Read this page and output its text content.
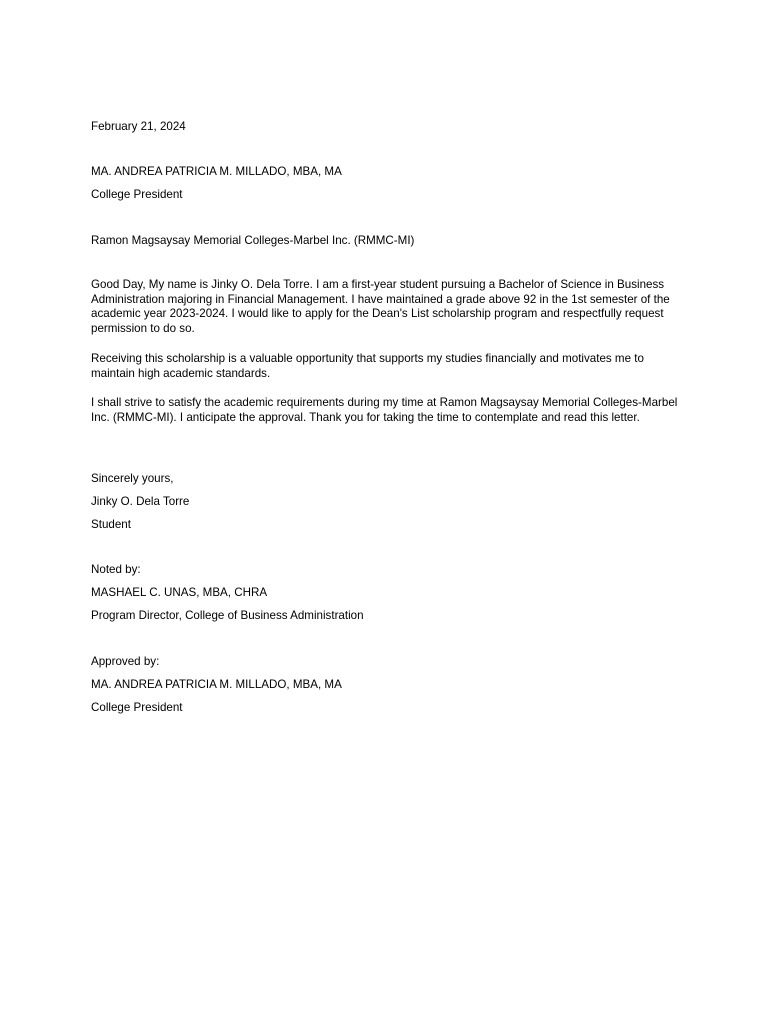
February 21, 2024

MA. ANDREA PATRICIA M. MILLADO, MBA, MA

College President

Ramon Magsaysay Memorial Colleges-Marbel Inc. (RMMC-MI)

Good Day, My name is Jinky O. Dela Torre. I am a first-year student pursuing a Bachelor of Science in Business Administration majoring in Financial Management. I have maintained a grade above 92 in the 1st semester of the academic year 2023-2024. I would like to apply for the Dean's List scholarship program and respectfully request permission to do so.

Receiving this scholarship is a valuable opportunity that supports my studies financially and motivates me to maintain high academic standards.

I shall strive to satisfy the academic requirements during my time at Ramon Magsaysay Memorial Colleges-Marbel Inc. (RMMC-MI). I anticipate the approval. Thank you for taking the time to contemplate and read this letter.

Sincerely yours,

Jinky O. Dela Torre

Student

Noted by:

MASHAEL C. UNAS, MBA, CHRA

Program Director, College of Business Administration

Approved by:

MA. ANDREA PATRICIA M. MILLADO, MBA, MA

College President
